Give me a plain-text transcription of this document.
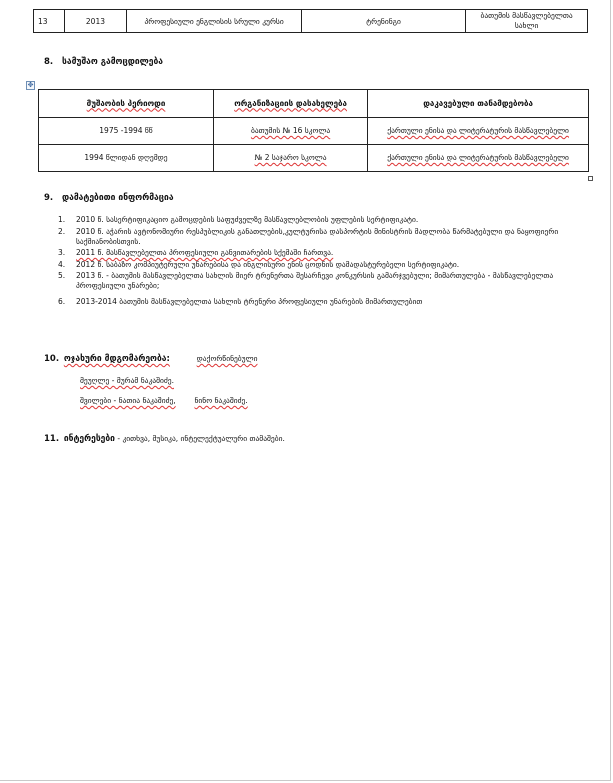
13	2013	პროფესიული ენგლისის სრული კურსი	ტრენინგი	ბათუმის მასწავლებელთა სახლი
8. სამუშაო გამოცდილება
✥
მუშაობის პერიოდი	ორგანიზაციის დასახელება	დაკავებული თანამდებობა
1975 -1994 წწ	ბათუმის № 16 სკოლა	ქართული ენისა და ლიტერატურის მასწავლებელი
1994 წლიდან დღემდე	№ 2 საჯარო სკოლა	ქართული ენისა და ლიტერატურის მასწავლებელი
9. დამატებითი ინფორმაცია
1. 2010 წ. სასერტიფიკაციო გამოცდების საფუძველზე მასწავლებლობის უფლების სერტიფიკატი.
2. 2010 წ. აჭარის ავტონომიური რესპუბლიკის განათლების,კულტურისა დასპორტის მინისტრის მადლობა წარმატებული და ნაყოფიერი საქმიანობისთვის.
3. 2011 წ. მასწავლებელთა პროფესიული განვითარების სქემაში ჩართვა.
4. 2012 წ. საბაზო კომპიუტერული უნარებისა და ინგლისური ენის ცოდნის დამადასტურებელი სერტიფიკატი.
5. 2013 წ. - ბათუმის მასწავლებელთა სახლის მიერ ტრენერთა შესარჩევი კონკურსის გამარჯვებული; მიმართულება - მასწავლებელთა პროფესიული უნარები;
6. 2013-2014 ბათუმის მასწავლებელთა სახლის ტრენერი პროფესიული უნარების მიმართულებით
10. ოჯახური მდგომარეობა:	დაქორწინებული
მეუღლე - მურამ ნაკაშიძე.
შვილები - ნათია ნაკაშიძე,	ნინო ნაკაშიძე.
11. ინტერესები - კითხვა, მუსიკა, ინტელექტუალური თამაშები.
